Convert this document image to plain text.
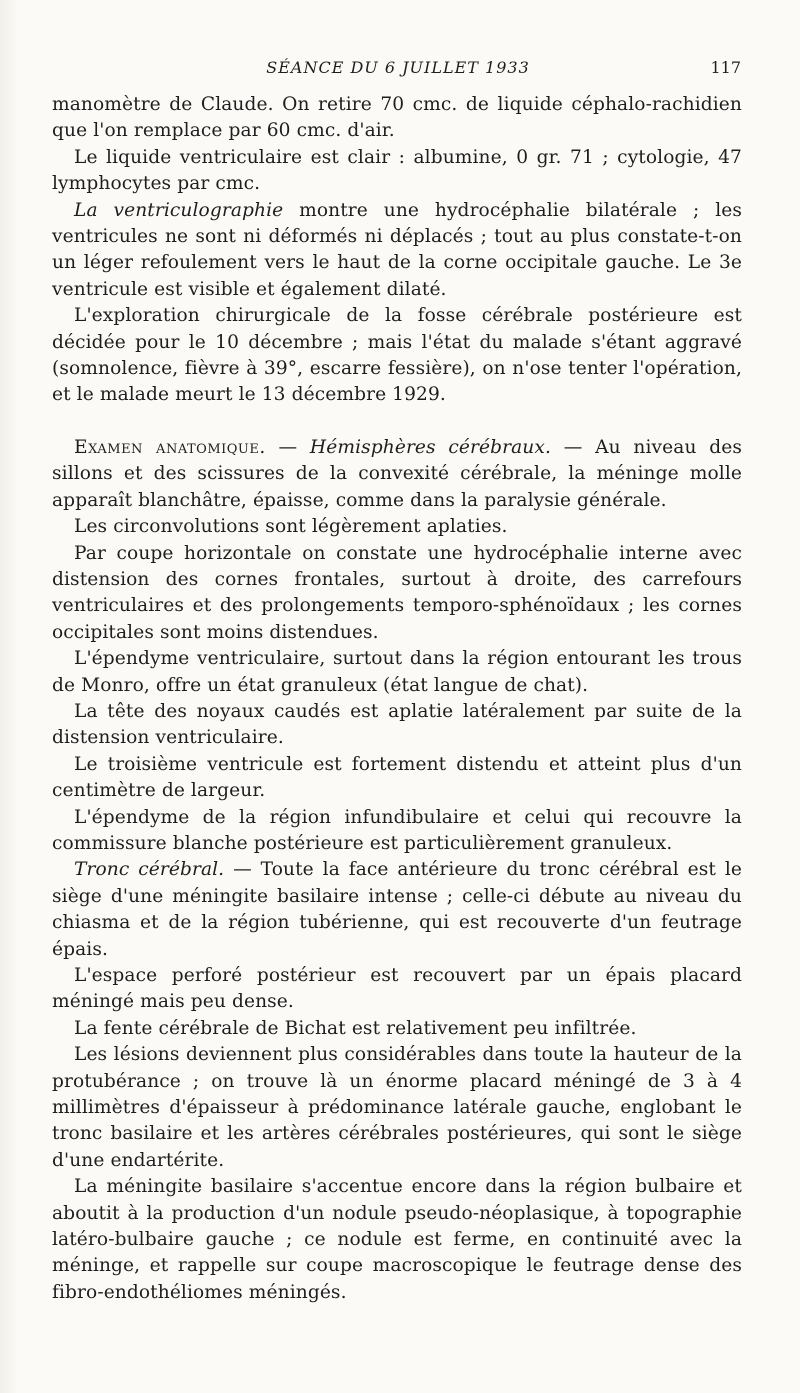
SÉANCE DU 6 JUILLET 1933	117

manomètre de Claude. On retire 70 cmc. de liquide céphalo-rachidien que l'on remplace par 60 cmc. d'air.

Le liquide ventriculaire est clair : albumine, 0 gr. 71 ; cytologie, 47 lymphocytes par cmc.

La ventriculographie montre une hydrocéphalie bilatérale ; les ventricules ne sont ni déformés ni déplacés ; tout au plus constate-t-on un léger refoulement vers le haut de la corne occipitale gauche. Le 3e ventricule est visible et également dilaté.

L'exploration chirurgicale de la fosse cérébrale postérieure est décidée pour le 10 décembre ; mais l'état du malade s'étant aggravé (somnolence, fièvre à 39°, escarre fessière), on n'ose tenter l'opération, et le malade meurt le 13 décembre 1929.

Examen anatomique. — Hémisphères cérébraux. — Au niveau des sillons et des scissures de la convexité cérébrale, la méninge molle apparaît blanchâtre, épaisse, comme dans la paralysie générale.

Les circonvolutions sont légèrement aplaties.

Par coupe horizontale on constate une hydrocéphalie interne avec distension des cornes frontales, surtout à droite, des carrefours ventriculaires et des prolongements temporo-sphénoïdaux ; les cornes occipitales sont moins distendues.

L'épendyme ventriculaire, surtout dans la région entourant les trous de Monro, offre un état granuleux (état langue de chat).

La tête des noyaux caudés est aplatie latéralement par suite de la distension ventriculaire.

Le troisième ventricule est fortement distendu et atteint plus d'un centimètre de largeur.

L'épendyme de la région infundibulaire et celui qui recouvre la commissure blanche postérieure est particulièrement granuleux.

Tronc cérébral. — Toute la face antérieure du tronc cérébral est le siège d'une méningite basilaire intense ; celle-ci débute au niveau du chiasma et de la région tubérienne, qui est recouverte d'un feutrage épais.

L'espace perforé postérieur est recouvert par un épais placard méningé mais peu dense.

La fente cérébrale de Bichat est relativement peu infiltrée.

Les lésions deviennent plus considérables dans toute la hauteur de la protubérance ; on trouve là un énorme placard méningé de 3 à 4 millimètres d'épaisseur à prédominance latérale gauche, englobant le tronc basilaire et les artères cérébrales postérieures, qui sont le siège d'une endartérite.

La méningite basilaire s'accentue encore dans la région bulbaire et aboutit à la production d'un nodule pseudo-néoplasique, à topographie latéro-bulbaire gauche ; ce nodule est ferme, en continuité avec la méninge, et rappelle sur coupe macroscopique le feutrage dense des fibro-endothéliomes méningés.
